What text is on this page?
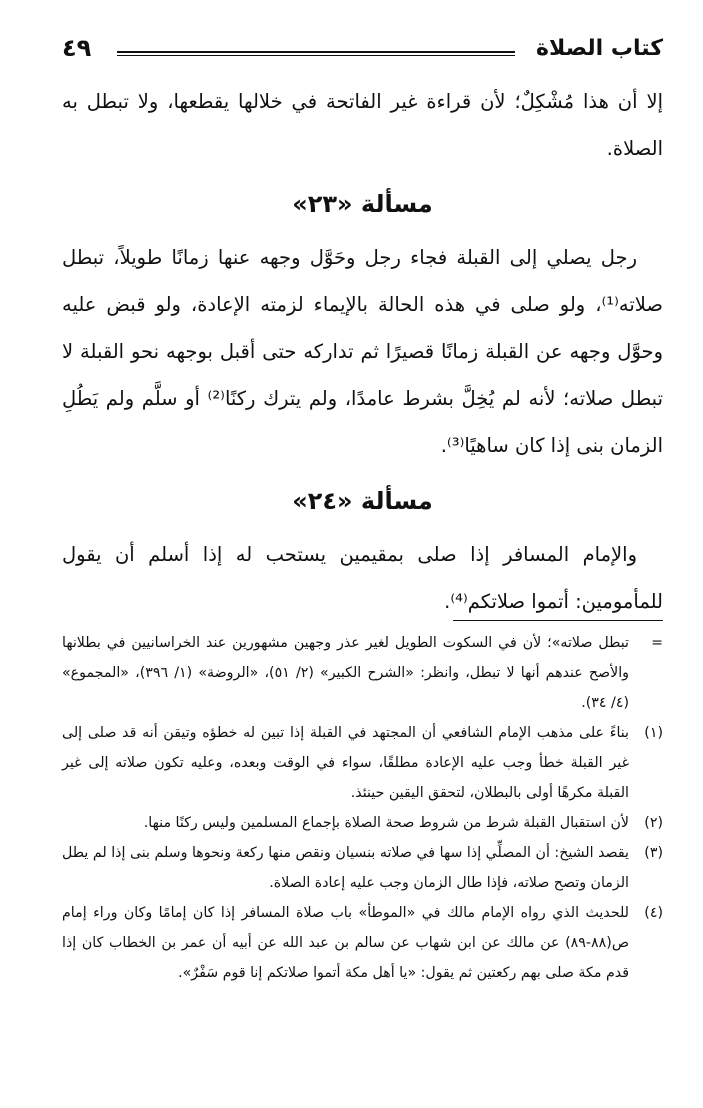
كتاب الصلاة
٤٩

إلا أن هذا مُشْكِلٌ؛ لأن قراءة غير الفاتحة في خلالها يقطعها، ولا تبطل به الصلاة.

مسألة «٢٣»

رجل يصلي إلى القبلة فجاء رجل وحَوَّل وجهه عنها زمانًا طويلاً، تبطل صلاته⁽¹⁾، ولو صلى في هذه الحالة بالإيماء لزمته الإعادة، ولو قبض عليه وحوَّل وجهه عن القبلة زمانًا قصيرًا ثم تداركه حتى أقبل بوجهه نحو القبلة لا تبطل صلاته؛ لأنه لم يُخِلَّ بشرط عامدًا، ولم يترك ركنًا⁽²⁾ أو سلَّم ولم يَطُلِ الزمان بنى إذا كان ساهيًا⁽³⁾.

مسألة «٢٤»

والإمام المسافر إذا صلى بمقيمين يستحب له إذا أسلم أن يقول للمأمومين: أتموا صلاتكم⁽⁴⁾.

=
تبطل صلاته»؛ لأن في السكوت الطويل لغير عذر وجهين مشهورين عند الخراسانيين في بطلانها والأصح عندهم أنها لا تبطل، وانظر: «الشرح الكبير» (٢/ ٥١)، «الروضة» (١/ ٣٩٦)، «المجموع» (٤/ ٣٤).
(١)
بناءً على مذهب الإمام الشافعي أن المجتهد في القبلة إذا تبين له خطؤه وتيقن أنه قد صلى إلى غير القبلة خطأ وجب عليه الإعادة مطلقًا، سواء في الوقت وبعده، وعليه تكون صلاته إلى غير القبلة مكرهًا أولى بالبطلان، لتحقق اليقين حينئذ.
(٢)
لأن استقبال القبلة شرط من شروط صحة الصلاة بإجماع المسلمين وليس ركنًا منها.
(٣)
يقصد الشيخ: أن المصلِّي إذا سها في صلاته بنسيان ونقص منها ركعة ونحوها وسلم بنى إذا لم يطل الزمان وتصح صلاته، فإذا طال الزمان وجب عليه إعادة الصلاة.
(٤)
للحديث الذي رواه الإمام مالك في «الموطأ» باب صلاة المسافر إذا كان إمامًا وكان وراء إمام ص(٨٨-٨٩) عن مالك عن ابن شهاب عن سالم بن عبد الله عن أبيه أن عمر بن الخطاب كان إذا قدم مكة صلى بهم ركعتين ثم يقول: «يا أهل مكة أتموا صلاتكم إنا قوم سَفْرٌ».
